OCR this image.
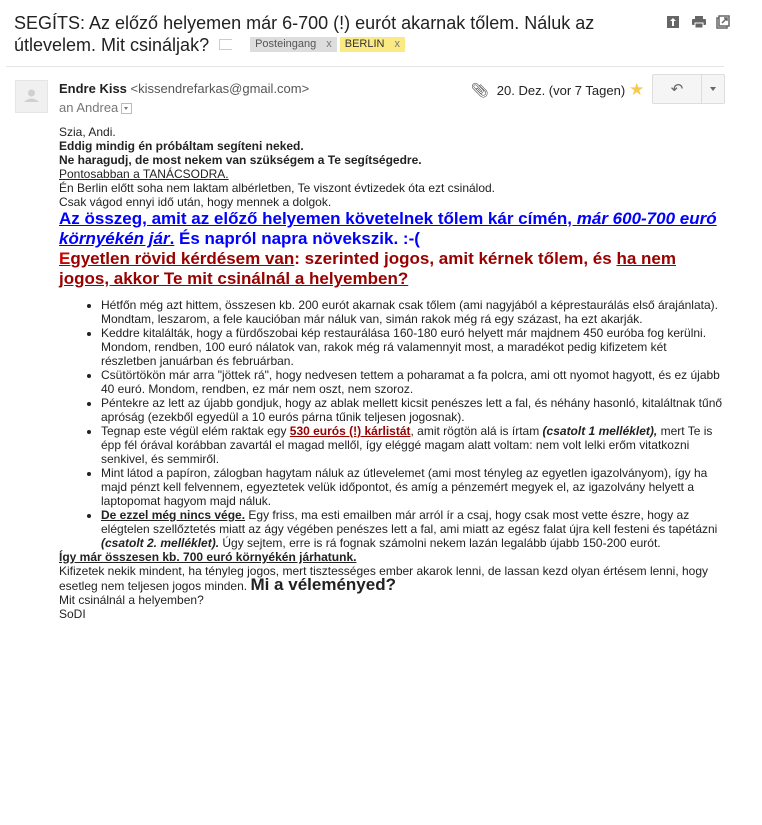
SEGÍTS: Az előző helyemen már 6-700 (!) eurót akarnak tőlem. Náluk az
útlevelem. Mit csináljak?	Posteingang x BERLIN x
Endre Kiss <kissendrefarkas@gmail.com>
an Andrea
📎︎ 20. Dez. (vor 7 Tagen) ★ ↶

Szia, Andi.

Eddig mindig én próbáltam segíteni neked.

Ne haragudj, de most nekem van szükségem a Te segítségedre.

Pontosabban a TANÁCSODRA.

Én Berlin előtt soha nem laktam albérletben, Te viszont évtizedek óta ezt csinálod.

Csak vágod ennyi idő után, hogy mennek a dolgok.

Az összeg, amit az előző helyemen követelnek tőlem kár címén, már 600-700 euró környékén jár. És napról napra növekszik. :-(

Egyetlen rövid kérdésem van: szerinted jogos, amit kérnek tőlem, és ha nem jogos, akkor Te mit csinálnál a helyemben?

• Hétfőn még azt hittem, összesen kb. 200 eurót akarnak csak tőlem (ami nagyjából a képrestaurálás első árajánlata). Mondtam, leszarom, a fele kaucióban már náluk van, simán rakok még rá egy százast, ha ezt akarják.
• Keddre kitalálták, hogy a fürdőszobai kép restaurálása 160-180 euró helyett már majdnem 450 euróba fog kerülni. Mondom, rendben, 100 euró nálatok van, rakok még rá valamennyit most, a maradékot pedig kifizetem két részletben januárban és februárban.
• Csütörtökön már arra "jöttek rá", hogy nedvesen tettem a poharamat a fa polcra, ami ott nyomot hagyott, és ez újabb 40 euró. Mondom, rendben, ez már nem oszt, nem szoroz.
• Péntekre az lett az újabb gondjuk, hogy az ablak mellett kicsit penészes lett a fal, és néhány hasonló, kitaláltnak tűnő apróság (ezekből egyedül a 10 eurós párna tűnik teljesen jogosnak).
• Tegnap este végül elém raktak egy 530 eurós (!) kárlistát, amit rögtön alá is írtam (csatolt 1 melléklet), mert Te is épp fél órával korábban zavartál el magad mellől, így eléggé magam alatt voltam: nem volt lelki erőm vitatkozni senkivel, és semmiről.
• Mint látod a papíron, zálogban hagytam náluk az útlevelemet (ami most tényleg az egyetlen igazolványom), így ha majd pénzt kell felvennem, egyeztetek velük időpontot, és amíg a pénzemért megyek el, az igazolvány helyett a laptopomat hagyom majd náluk.
• De ezzel még nincs vége. Egy friss, ma esti emailben már arról ír a csaj, hogy csak most vette észre, hogy az elégtelen szellőztetés miatt az ágy végében penészes lett a fal, ami miatt az egész falat újra kell festeni és tapétázni (csatolt 2. melléklet). Úgy sejtem, erre is rá fognak számolni nekem lazán legalább újabb 150-200 eurót.

Így már összesen kb. 700 euró környékén járhatunk.

Kifizetek nekik mindent, ha tényleg jogos, mert tisztességes ember akarok lenni, de lassan kezd olyan értésem lenni, hogy esetleg nem teljesen jogos minden. Mi a véleményed?

Mit csinálnál a helyemben?

SoDI
